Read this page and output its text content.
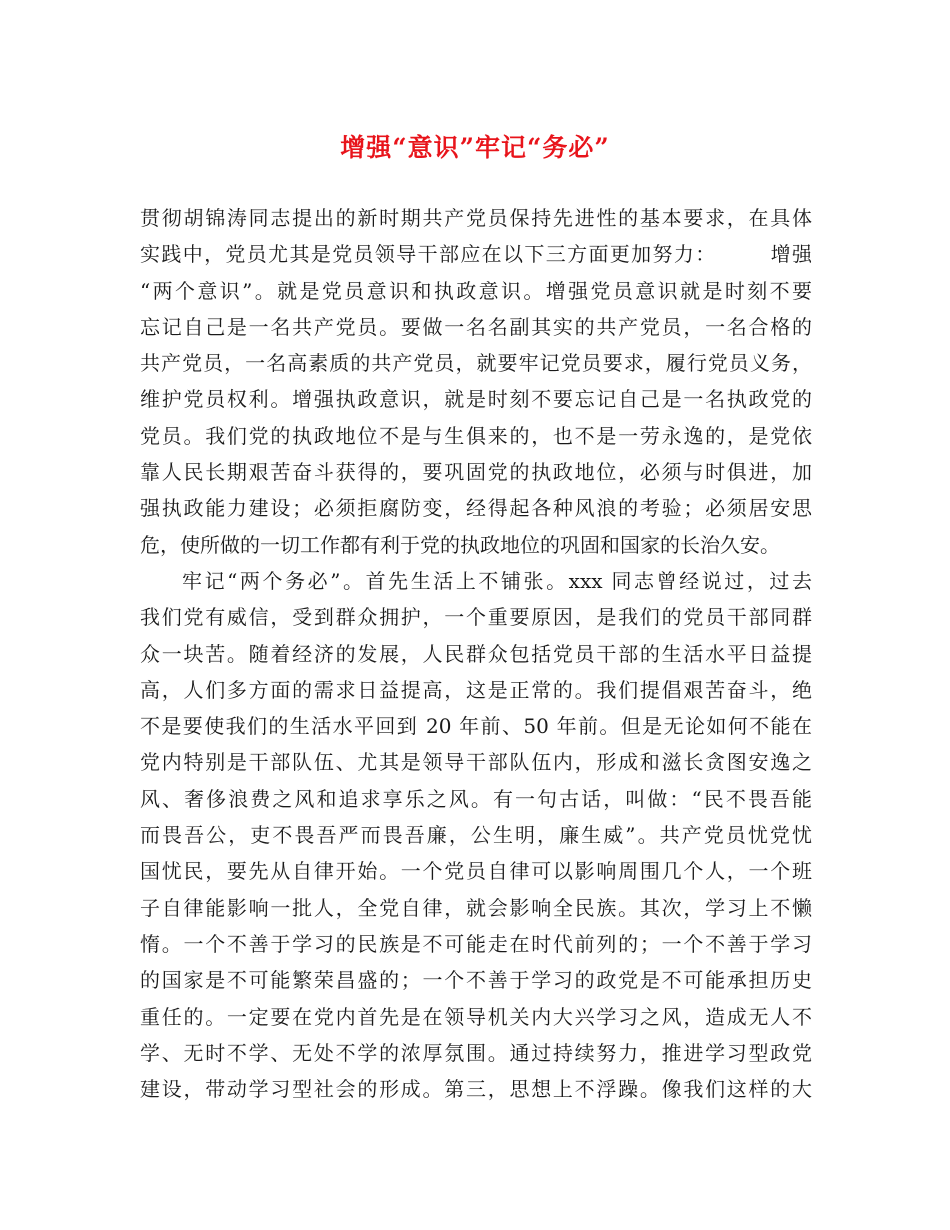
增强“意识”牢记“务必”
贯彻胡锦涛同志提出的新时期共产党员保持先进性的基本要求，在具体
实践中，党员尤其是党员领导干部应在以下三方面更加努力：　　　增强
“两个意识”。就是党员意识和执政意识。增强党员意识就是时刻不要
忘记自己是一名共产党员。要做一名名副其实的共产党员，一名合格的
共产党员，一名高素质的共产党员，就要牢记党员要求，履行党员义务，
维护党员权利。增强执政意识，就是时刻不要忘记自己是一名执政党的
党员。我们党的执政地位不是与生俱来的，也不是一劳永逸的，是党依
靠人民长期艰苦奋斗获得的，要巩固党的执政地位，必须与时俱进，加
强执政能力建设；必须拒腐防变，经得起各种风浪的考验；必须居安思
危，使所做的一切工作都有利于党的执政地位的巩固和国家的长治久安。
牢记“两个务必”。首先生活上不铺张。xxx 同志曾经说过，过去
我们党有威信，受到群众拥护，一个重要原因，是我们的党员干部同群
众一块苦。随着经济的发展，人民群众包括党员干部的生活水平日益提
高，人们多方面的需求日益提高，这是正常的。我们提倡艰苦奋斗，绝
不是要使我们的生活水平回到 20 年前、50 年前。但是无论如何不能在
党内特别是干部队伍、尤其是领导干部队伍内，形成和滋长贪图安逸之
风、奢侈浪费之风和追求享乐之风。有一句古话，叫做：“民不畏吾能
而畏吾公，吏不畏吾严而畏吾廉，公生明，廉生威”。共产党员忧党忧
国忧民，要先从自律开始。一个党员自律可以影响周围几个人，一个班
子自律能影响一批人，全党自律，就会影响全民族。其次，学习上不懒
惰。一个不善于学习的民族是不可能走在时代前列的；一个不善于学习
的国家是不可能繁荣昌盛的；一个不善于学习的政党是不可能承担历史
重任的。一定要在党内首先是在领导机关内大兴学习之风，造成无人不
学、无时不学、无处不学的浓厚氛围。通过持续努力，推进学习型政党
建设，带动学习型社会的形成。第三，思想上不浮躁。像我们这样的大
